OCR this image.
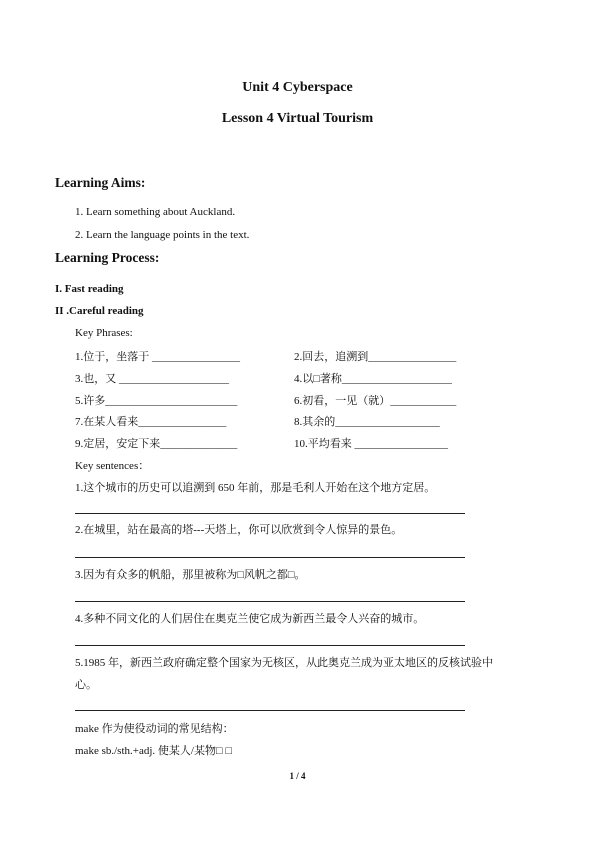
Unit 4 Cyberspace
Lesson 4 Virtual Tourism
Learning Aims:
1. Learn something about Auckland.
2. Learn the language points in the text.
Learning Process:
I. Fast reading
II .Careful reading
Key Phrases:
1.位于，坐落于 ________________	2.回去，追溯到________________
3.也，又 ____________________	4.以□著称____________________
5.许多________________________	6.初看，一见（就）____________
7.在某人看来________________	8.其余的___________________
9.定居，安定下来______________	10.平均看来 _________________
Key sentences：
1.这个城市的历史可以追溯到 650 年前，那是毛利人开始在这个地方定居。
2.在城里，站在最高的塔---天塔上，你可以欣赏到令人惊异的景色。
3.因为有众多的帆船，那里被称为□风帆之都□。
4.多种不同文化的人们居住在奥克兰使它成为新西兰最令人兴奋的城市。
5.1985 年，新西兰政府确定整个国家为无核区，从此奥克兰成为亚太地区的反核试验中
心。
make 作为使役动词的常见结构：
make sb./sth.+adj. 使某人/某物□ □
1 / 4
